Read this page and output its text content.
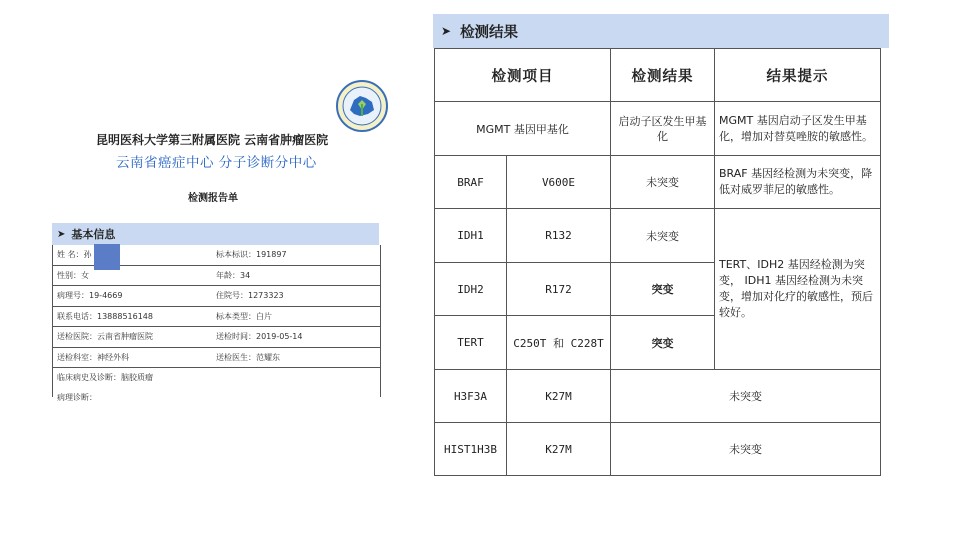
昆明医科大学第三附属医院 云南省肿瘤医院
云南省癌症中心 分子诊断分中心
检测报告单
➤ 基本信息
姓 名：孙	标本标识：191897
性别：女	年龄：34
病理号：19-4669	住院号：1273323
联系电话：13888516148	标本类型：白片
送检医院：云南省肿瘤医院	送检时间：2019-05-14
送检科室：神经外科	送检医生：范耀东
临床病史及诊断：脑胶质瘤
病理诊断：
➤ 检测结果
检测项目		检测结果	结果提示
MGMT 基因甲基化		启动子区发生甲基化	MGMT 基因启动子区发生甲基化，增加对替莫唑胺的敏感性。
BRAF	V600E	未突变	BRAF 基因经检测为未突变，降低对威罗菲尼的敏感性。
IDH1	R132	未突变	TERT、IDH2 基因经检测为突变， IDH1 基因经检测为未突变，增加对化疗的敏感性，预后较好。
IDH2	R172	突变	
TERT	C250T 和 C228T	突变	
H3F3A	K27M	未突变	
HIST1H3B	K27M	未突变	
